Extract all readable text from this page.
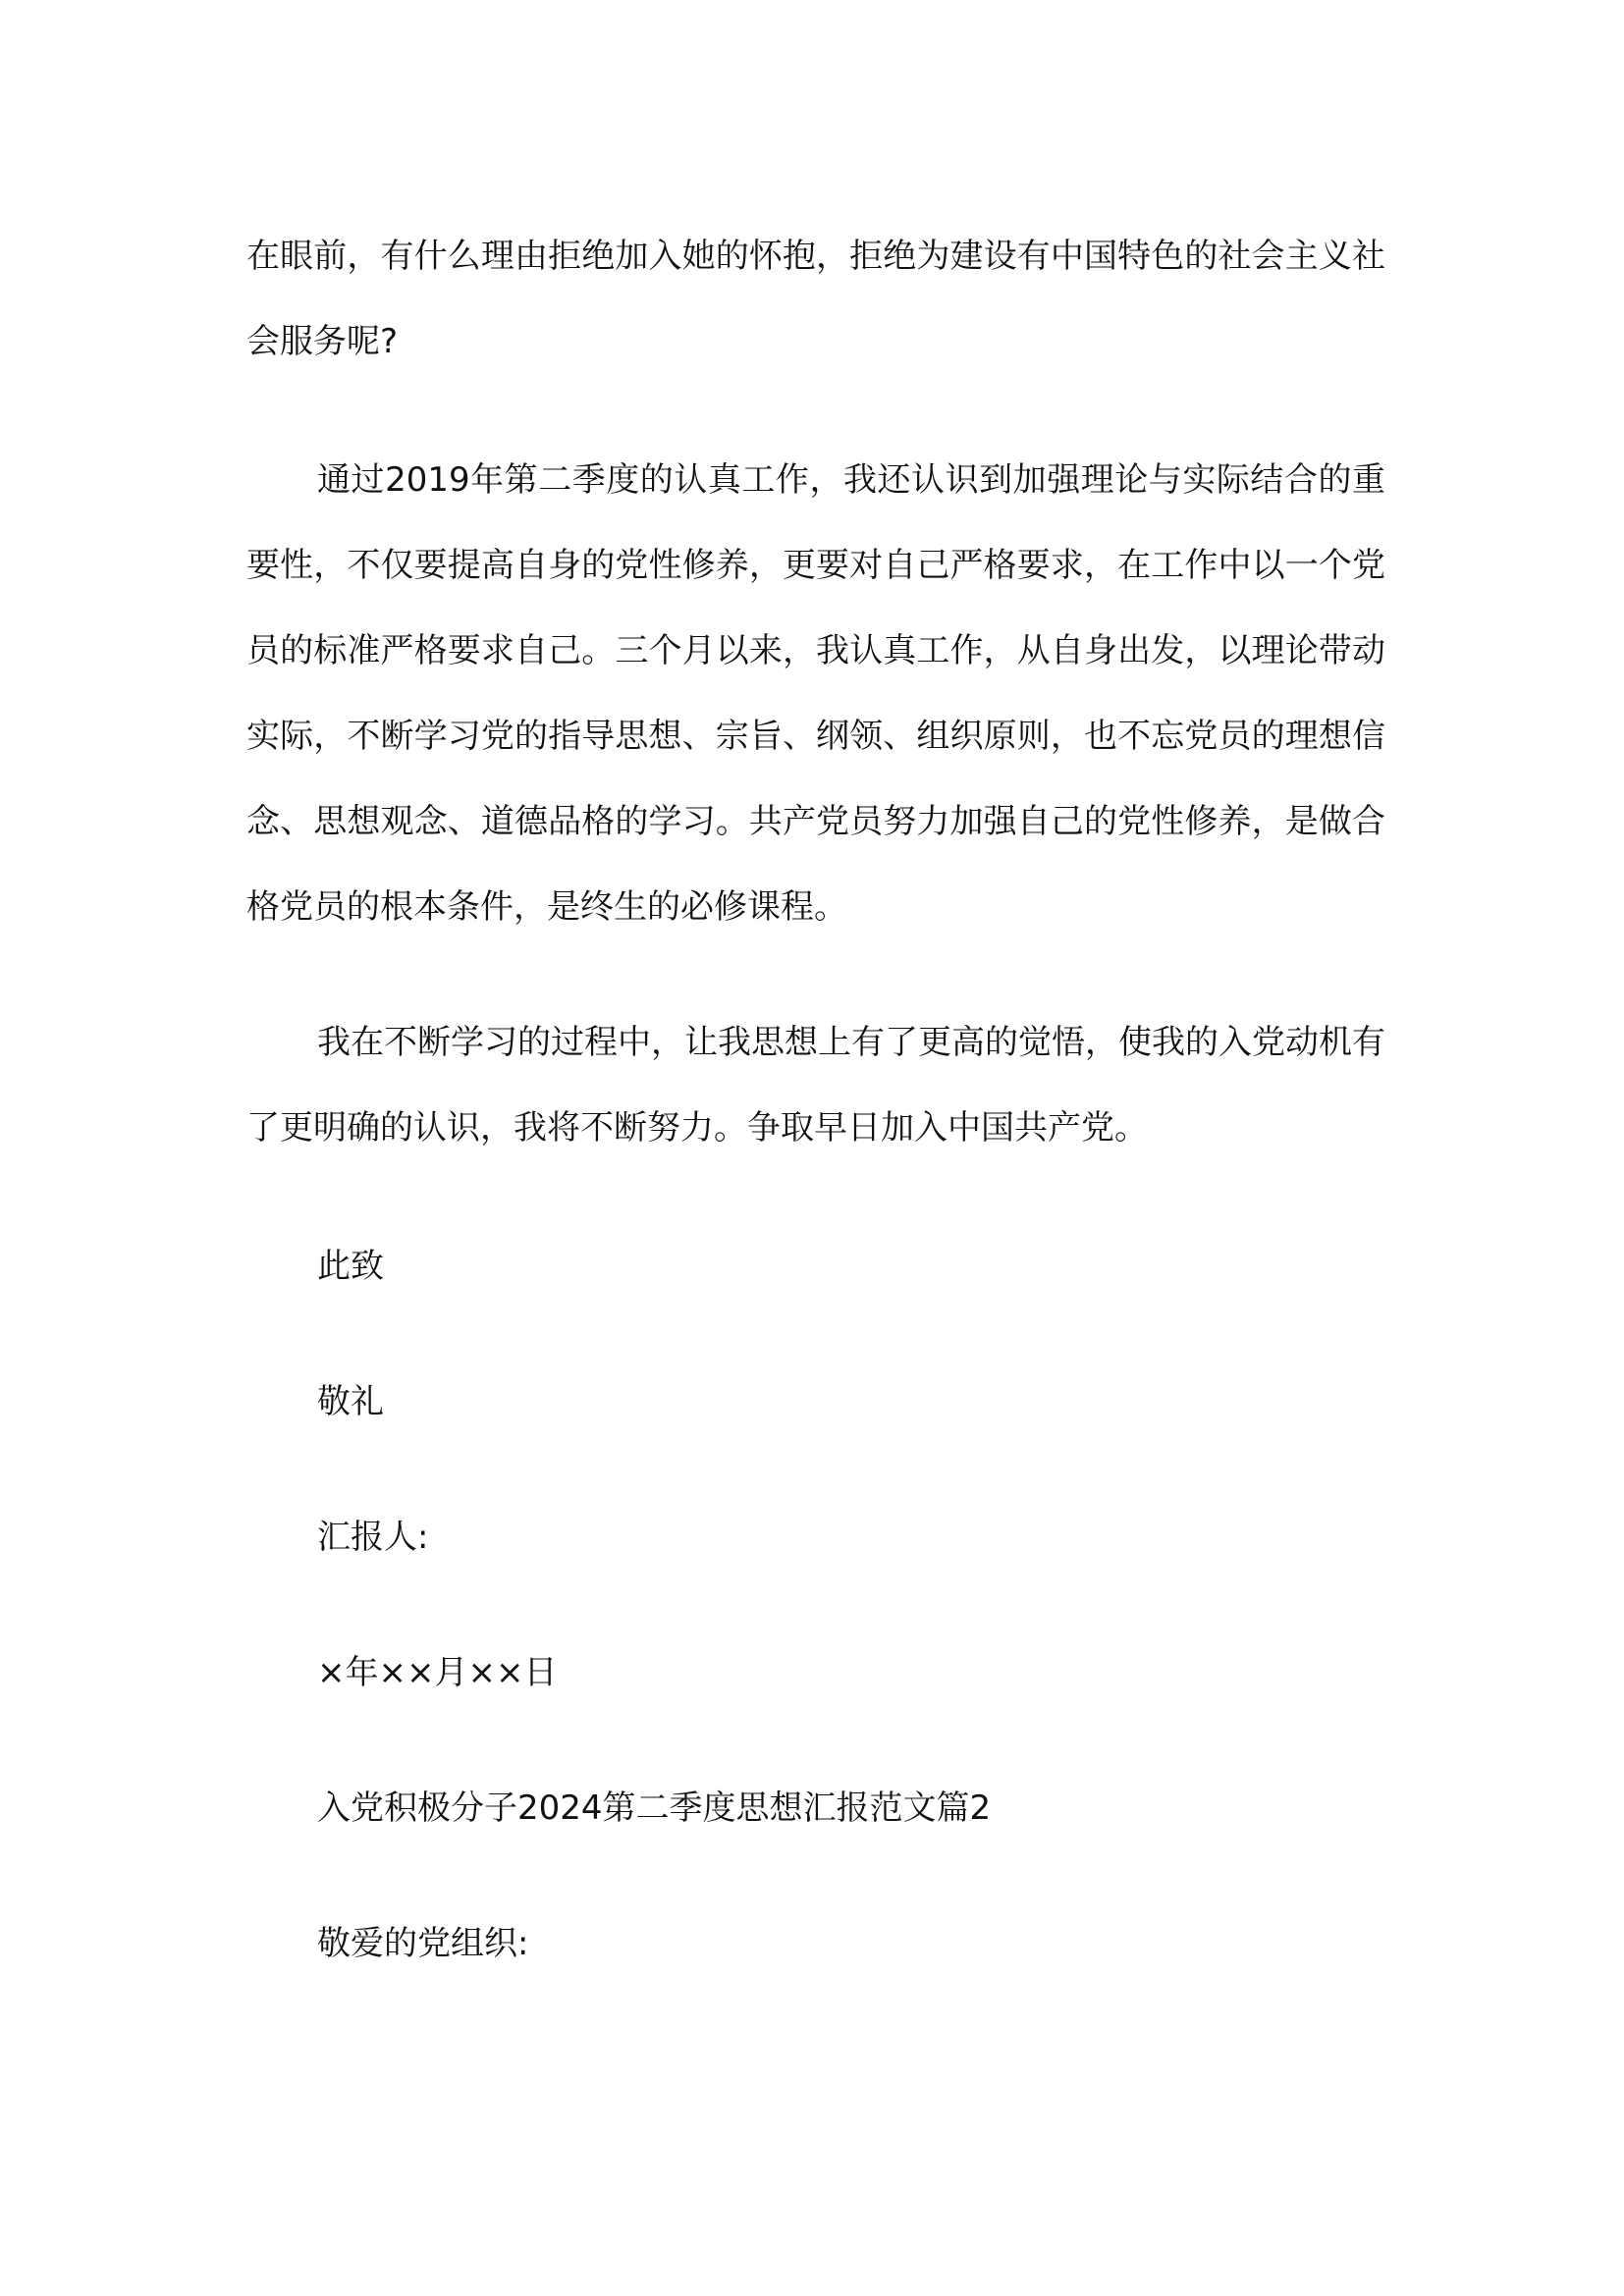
在眼前，有什么理由拒绝加入她的怀抱，拒绝为建设有中国特色的社会主义社会服务呢?

通过2019年第二季度的认真工作，我还认识到加强理论与实际结合的重要性，不仅要提高自身的党性修养，更要对自己严格要求，在工作中以一个党员的标准严格要求自己。三个月以来，我认真工作，从自身出发，以理论带动实际，不断学习党的指导思想、宗旨、纲领、组织原则，也不忘党员的理想信念、思想观念、道德品格的学习。共产党员努力加强自己的党性修养，是做合格党员的根本条件，是终生的必修课程。

我在不断学习的过程中，让我思想上有了更高的觉悟，使我的入党动机有了更明确的认识，我将不断努力。争取早日加入中国共产党。

此致

敬礼

汇报人:

×年××月××日

入党积极分子2024第二季度思想汇报范文篇2

敬爱的党组织:
